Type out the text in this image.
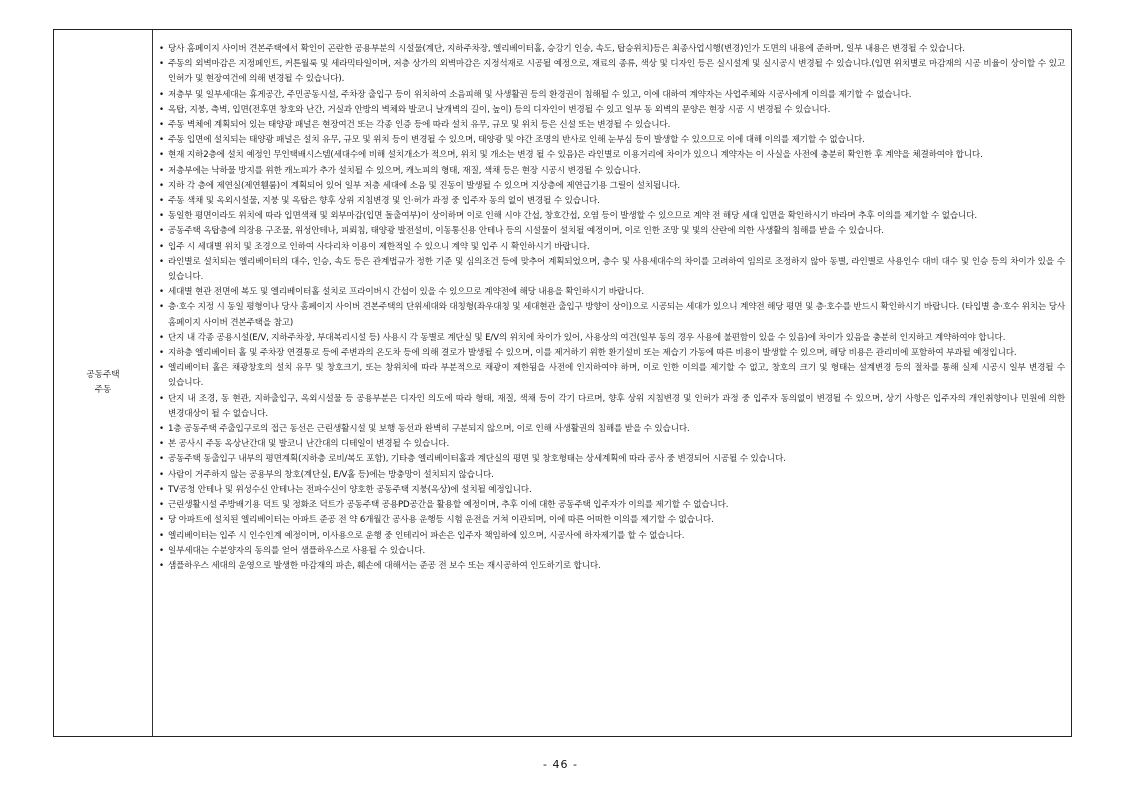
공동주택
주동
• 당사 홈페이지 사이버 견본주택에서 확인이 곤란한 공용부분의 시설물(계단, 지하주차장, 엘리베이터홀, 승강기 인승, 속도, 탑승위치)등은 최종사업시행(변경)인가 도면의 내용에 준하며, 일부 내용은 변경될 수 있습니다.
• 주동의 외벽마감은 지정페인트, 커튼월룩 및 세라믹타일이며, 저층 상가의 외벽마감은 지정석재로 시공될 예정으로, 재료의 종류, 색상 및 디자인 등은 실시설계 및 실시공시 변경될 수 있습니다.(입면 위치별로 마감재의 시공 비율이 상이할 수 있고 인허가 및 현장여건에 의해 변경될 수 있습니다).
• 저층부 및 일부세대는 휴게공간, 주민공동시설, 주차장 출입구 등이 위치하여 소음피해 및 사생활권 등의 환경권이 침해될 수 있고, 이에 대하여 계약자는 사업주체와 시공사에게 이의를 제기할 수 없습니다.
• 옥탑, 지붕, 측벽, 입면(전후면 창호와 난간, 거실과 안방의 벽체와 발코니 날개벽의 길이, 높이) 등의 디자인이 변경될 수 있고 일부 동 외벽의 문양은 현장 시공 시 변경될 수 있습니다.
• 주동 벽체에 계획되어 있는 태양광 패널은 현장여건 또는 각종 인증 등에 따라 설치 유무, 규모 및 위치 등은 신설 또는 변경될 수 있습니다.
• 주동 입면에 설치되는 태양광 패널은 설치 유무, 규모 및 위치 등이 변경될 수 있으며, 태양광 및 야간 조명의 반사로 인해 눈부심 등이 발생할 수 있으므로 이에 대해 이의를 제기할 수 없습니다.
• 현재 지하2층에 설치 예정인 무인택배시스템(세대수에 비해 설치개소가 적으며, 위치 및 개소는 변경 될 수 있음)은 라인별로 이용거리에 차이가 있으니 계약자는 이 사실을 사전에 충분히 확인한 후 계약을 체결하여야 합니다.
• 저층부에는 낙하물 방지를 위한 캐노피가 추가 설치될 수 있으며, 캐노피의 형태, 재질, 색채 등은 현장 시공시 변경될 수 있습니다.
• 지하 각 층에 제연실(제연휀룸)이 계획되어 있어 일부 저층 세대에 소음 및 진동이 발생될 수 있으며 지상층에 제연급기용 그릴이 설치됩니다.
• 주동 색채 및 옥외시설물, 지붕 및 옥탑은 향후 상위 지침변경 및 인·허가 과정 중 입주자 동의 없이 변경될 수 있습니다.
• 동일한 평면이라도 위치에 따라 입면색채 및 외부마감(입면 돌출여부)이 상이하며 이로 인해 시야 간섭, 창호간섭, 오염 등이 발생할 수 있으므로 계약 전 해당 세대 입면을 확인하시기 바라며 추후 이의를 제기할 수 없습니다.
• 공동주택 옥탑층에 의장용 구조물, 위성안테나, 피뢰침, 태양광 발전설비, 이동통신용 안테나 등의 시설물이 설치될 예정이며, 이로 인한 조망 및 빛의 산란에 의한 사생활의 침해를 받을 수 있습니다.
• 입주 시 세대별 위치 및 조경으로 인하여 사다리차 이용이 제한적일 수 있으니 계약 및 입주 시 확인하시기 바랍니다.
• 라인별로 설치되는 엘리베이터의 대수, 인승, 속도 등은 관계법규가 정한 기준 및 심의조건 등에 맞추어 계획되었으며, 층수 및 사용세대수의 차이를 고려하여 임의로 조정하지 않아 동별, 라인별로 사용인수 대비 대수 및 인승 등의 차이가 있을 수 있습니다.
• 세대별 현관 전면에 복도 및 엘리베이터홀 설치로 프라이버시 간섭이 있을 수 있으므로 계약전에 해당 내용을 확인하시기 바랍니다.
• 층·호수 지정 시 동일 평형이나 당사 홈페이지 사이버 견본주택의 단위세대와 대칭형(좌우대칭 및 세대현관 출입구 방향이 상이)으로 시공되는 세대가 있으니 계약전 해당 평면 및 층·호수를 반드시 확인하시기 바랍니다. (타입별 층·호수 위치는 당사 홈페이지 사이버 견본주택을 참고)
• 단지 내 각종 공용시설(E/V, 지하주차장, 부대복리시설 등) 사용시 각 동별로 계단실 및 E/V의 위치에 차이가 있어, 사용상의 여건(일부 동의 경우 사용에 불편함이 있을 수 있음)에 차이가 있음을 충분히 인지하고 계약하여야 합니다.
• 지하층 엘리베이터 홀 및 주차장 연결통로 등에 주변과의 온도차 등에 의해 결로가 발생될 수 있으며, 이를 제거하기 위한 환기설비 또는 제습기 가동에 따른 비용이 발생할 수 있으며, 해당 비용은 관리비에 포함하여 부과될 예정입니다.
• 엘리베이터 홀은 채광창호의 설치 유무 및 창호크기, 또는 창위치에 따라 부분적으로 채광이 제한됨을 사전에 인지하여야 하며, 이로 인한 이의를 제기할 수 없고, 창호의 크기 및 형태는 설계변경 등의 절차를 통해 실제 시공시 일부 변경될 수 있습니다.
• 단지 내 조경, 동 현관, 지하출입구, 옥외시설물 등 공용부분은 디자인 의도에 따라 형태, 재질, 색채 등이 각기 다르며, 향후 상위 지침변경 및 인허가 과정 중 입주자 동의없이 변경될 수 있으며, 상기 사항은 입주자의 개인취향이나 민원에 의한 변경대상이 될 수 없습니다.
• 1층 공동주택 주출입구로의 접근 동선은 근린생활시설 및 보행 동선과 완벽히 구분되지 않으며, 이로 인해 사생활권의 침해를 받을 수 있습니다.
• 본 공사시 주동 옥상난간대 및 발코니 난간대의 디테일이 변경될 수 있습니다.
• 공동주택 동출입구 내부의 평면계획(지하층 로비/복도 포함), 기타층 엘리베이터홀과 계단실의 평면 및 창호형태는 상세계획에 따라 공사 중 변경되어 시공될 수 있습니다.
• 사람이 거주하지 않는 공용부의 창호(계단실, E/V홀 등)에는 방충망이 설치되지 않습니다.
• TV공청 안테나 및 위성수신 안테나는 전파수신이 양호한 공동주택 지붕(옥상)에 설치될 예정입니다.
• 근린생활시설 주방배기용 덕트 및 정화조 덕트가 공동주택 공용PD공간을 활용할 예정이며, 추후 이에 대한 공동주택 입주자가 이의를 제기할 수 없습니다.
• 당 아파트에 설치된 엘리베이터는 아파트 준공 전 약 6개월간 공사용 운행등 시험 운전을 거쳐 이관되며, 이에 따른 어떠한 이의를 제기할 수 없습니다.
• 엘리베이터는 입주 시 인수인계 예정이며, 이사용으로 운행 중 인테리어 파손은 입주자 책임하에 있으며, 시공사에 하자제기를 할 수 없습니다.
• 일부세대는 수분양자의 동의를 얻어 샘플하우스로 사용될 수 있습니다.
• 샘플하우스 세대의 운영으로 발생한 마감재의 파손, 훼손에 대해서는 준공 전 보수 또는 재시공하여 인도하기로 합니다.
- 46 -
